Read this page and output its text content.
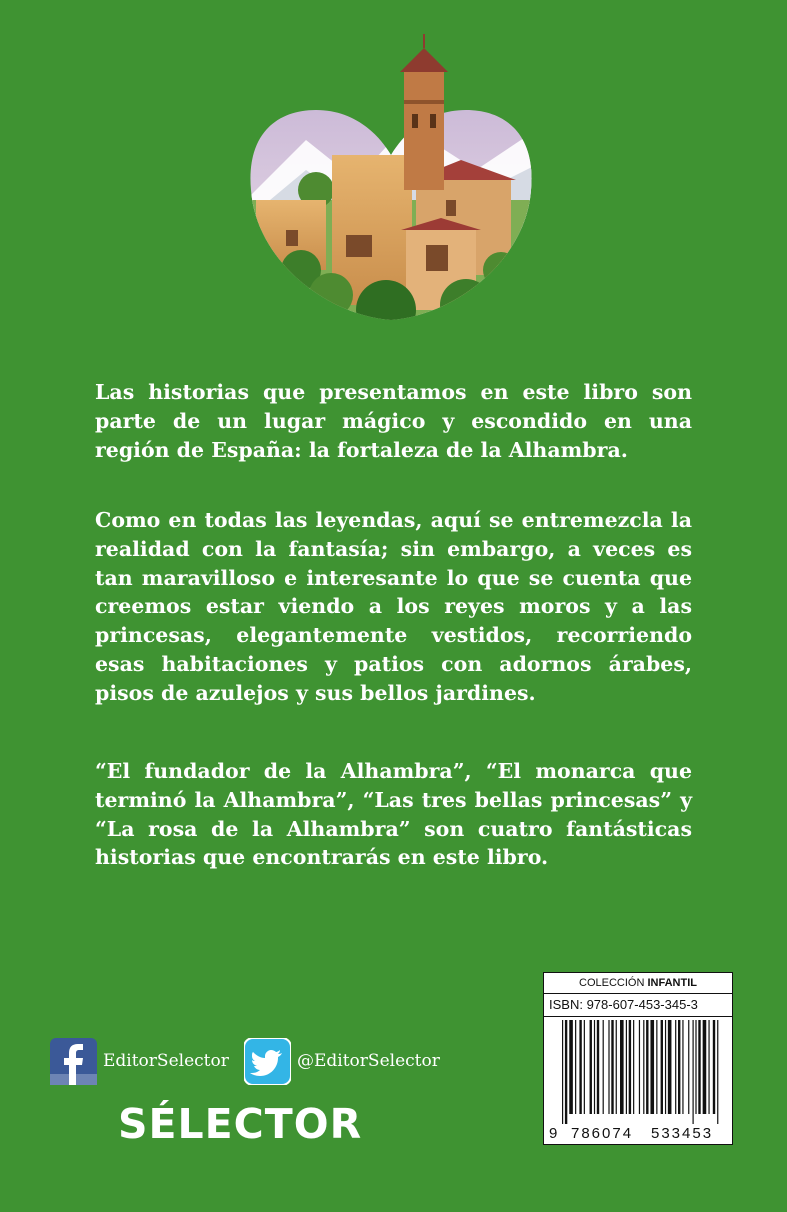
Las historias que presentamos en este libro son parte de un lugar mágico y escondido en una región de España: la fortaleza de la Alhambra.

Como en todas las leyendas, aquí se entremezcla la realidad con la fantasía; sin embargo, a veces es tan maravilloso e interesante lo que se cuenta que creemos estar viendo a los reyes moros y a las princesas, elegantemente vestidos, recorriendo esas habitaciones y patios con adornos árabes, pisos de azulejos y sus bellos jardines.

“El fundador de la Alhambra”, “El monarca que terminó la Alhambra”, “Las tres bellas princesas” y “La rosa de la Alhambra” son cuatro fantásticas historias que encontrarás en este libro.

COLECCIÓN INFANTIL
ISBN: 978-607-453-345-3
9 786074 533453
EditorSelector	@EditorSelector
SÉLECTOR
